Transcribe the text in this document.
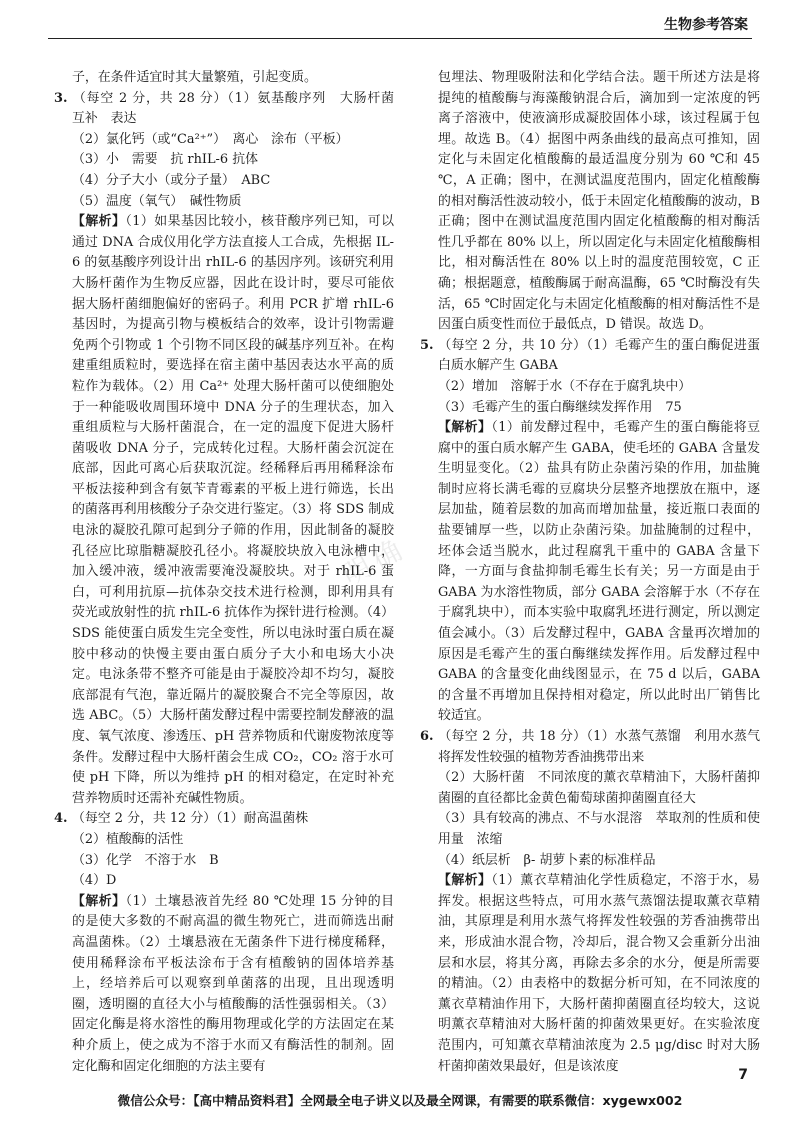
生物参考答案
明确

子，在条件适宜时其大量繁殖，引起变质。

3. （每空 2 分，共 28 分）（1）氨基酸序列　大肠杆菌　互补　表达

（2）氯化钙（或“Ca²⁺”）　离心　涂布（平板）

（3）小　需要　抗 rhIL-6 抗体

（4）分子大小（或分子量）　ABC

（5）温度（氧气）　碱性物质

【解析】（1）如果基因比较小，核苷酸序列已知，可以通过 DNA 合成仪用化学方法直接人工合成，先根据 IL-6 的氨基酸序列设计出 rhIL-6 的基因序列。该研究利用大肠杆菌作为生物反应器，因此在设计时，要尽可能依据大肠杆菌细胞偏好的密码子。利用 PCR 扩增 rhIL-6 基因时，为提高引物与模板结合的效率，设计引物需避免两个引物或 1 个引物不同区段的碱基序列互补。在构建重组质粒时，要选择在宿主菌中基因表达水平高的质粒作为载体。（2）用 Ca²⁺ 处理大肠杆菌可以使细胞处于一种能吸收周围环境中 DNA 分子的生理状态，加入重组质粒与大肠杆菌混合，在一定的温度下促进大肠杆菌吸收 DNA 分子，完成转化过程。大肠杆菌会沉淀在底部，因此可离心后获取沉淀。经稀释后再用稀释涂布平板法接种到含有氨苄青霉素的平板上进行筛选，长出的菌落再利用核酸分子杂交进行鉴定。（3）将 SDS 制成电泳的凝胶孔隙可起到分子筛的作用，因此制备的凝胶孔径应比琼脂糖凝胶孔径小。将凝胶块放入电泳槽中，加入缓冲液，缓冲液需要淹没凝胶块。对于 rhIL-6 蛋白，可利用抗原—抗体杂交技术进行检测，即利用具有荧光或放射性的抗 rhIL-6 抗体作为探针进行检测。（4）SDS 能使蛋白质发生完全变性，所以电泳时蛋白质在凝胶中移动的快慢主要由蛋白质分子大小和电场大小决定。电泳条带不整齐可能是由于凝胶冷却不均匀，凝胶底部混有气泡，靠近隔片的凝胶聚合不完全等原因，故选 ABC。（5）大肠杆菌发酵过程中需要控制发酵液的温度、氧气浓度、渗透压、pH 营养物质和代谢废物浓度等条件。发酵过程中大肠杆菌会生成 CO₂，CO₂ 溶于水可使 pH 下降，所以为维持 pH 的相对稳定，在定时补充营养物质时还需补充碱性物质。

4. （每空 2 分，共 12 分）（1）耐高温菌株

（2）植酸酶的活性

（3）化学　不溶于水　B

（4）D

【解析】（1）土壤悬液首先经 80 ℃处理 15 分钟的目的是使大多数的不耐高温的微生物死亡，进而筛选出耐高温菌株。（2）土壤悬液在无菌条件下进行梯度稀释，使用稀释涂布平板法涂布于含有植酸钠的固体培养基上，经培养后可以观察到单菌落的出现，且出现透明圈，透明圈的直径大小与植酸酶的活性强弱相关。（3）固定化酶是将水溶性的酶用物理或化学的方法固定在某种介质上，使之成为不溶于水而又有酶活性的制剂。固定化酶和固定化细胞的方法主要有

包埋法、物理吸附法和化学结合法。题干所述方法是将提纯的植酸酶与海藻酸钠混合后，滴加到一定浓度的钙离子溶液中，使液滴形成凝胶固体小球，该过程属于包埋。故选 B。（4）据图中两条曲线的最高点可推知，固定化与未固定化植酸酶的最适温度分别为 60 ℃和 45 ℃，A 正确；图中，在测试温度范围内，固定化植酸酶的相对酶活性波动较小，低于未固定化植酸酶的波动，B 正确；图中在测试温度范围内固定化植酸酶的相对酶活性几乎都在 80% 以上，所以固定化与未固定化植酸酶相比，相对酶活性在 80% 以上时的温度范围较宽，C 正确；根据题意，植酸酶属于耐高温酶，65 ℃时酶没有失活，65 ℃时固定化与未固定化植酸酶的相对酶活性不是因蛋白质变性而位于最低点，D 错误。故选 D。

5. （每空 2 分，共 10 分）（1）毛霉产生的蛋白酶促进蛋白质水解产生 GABA

（2）增加　溶解于水（不存在于腐乳块中）

（3）毛霉产生的蛋白酶继续发挥作用　75

【解析】（1）前发酵过程中，毛霉产生的蛋白酶能将豆腐中的蛋白质水解产生 GABA，使毛坯的 GABA 含量发生明显变化。（2）盐具有防止杂菌污染的作用，加盐腌制时应将长满毛霉的豆腐块分层整齐地摆放在瓶中，逐层加盐，随着层数的加高而增加盐量，接近瓶口表面的盐要铺厚一些，以防止杂菌污染。加盐腌制的过程中，坯体会适当脱水，此过程腐乳干重中的 GABA 含量下降，一方面与食盐抑制毛霉生长有关；另一方面是由于 GABA 为水溶性物质，部分 GABA 会溶解于水（不存在于腐乳块中），而本实验中取腐乳坯进行测定，所以测定值会减小。（3）后发酵过程中，GABA 含量再次增加的原因是毛霉产生的蛋白酶继续发挥作用。后发酵过程中 GABA 的含量变化曲线图显示，在 75 d 以后，GABA 的含量不再增加且保持相对稳定，所以此时出厂销售比较适宜。

6. （每空 2 分，共 18 分）（1）水蒸气蒸馏　利用水蒸气将挥发性较强的植物芳香油携带出来

（2）大肠杆菌　不同浓度的薰衣草精油下，大肠杆菌抑菌圈的直径都比金黄色葡萄球菌抑菌圈直径大

（3）具有较高的沸点、不与水混溶　萃取剂的性质和使用量　浓缩

（4）纸层析　β- 胡萝卜素的标准样品

【解析】（1）薰衣草精油化学性质稳定，不溶于水，易挥发。根据这些特点，可用水蒸气蒸馏法提取薰衣草精油，其原理是利用水蒸气将挥发性较强的芳香油携带出来，形成油水混合物，冷却后，混合物又会重新分出油层和水层，将其分离，再除去多余的水分，便是所需要的精油。（2）由表格中的数据分析可知，在不同浓度的薰衣草精油作用下，大肠杆菌抑菌圈直径均较大，这说明薰衣草精油对大肠杆菌的抑菌效果更好。在实验浓度范围内，可知薰衣草精油浓度为 2.5 μg/disc 时对大肠杆菌抑菌效果最好，但是该浓度

7
微信公众号：【高中精品资料君】全网最全电子讲义以及最全网课，有需要的联系微信：xygewx002
